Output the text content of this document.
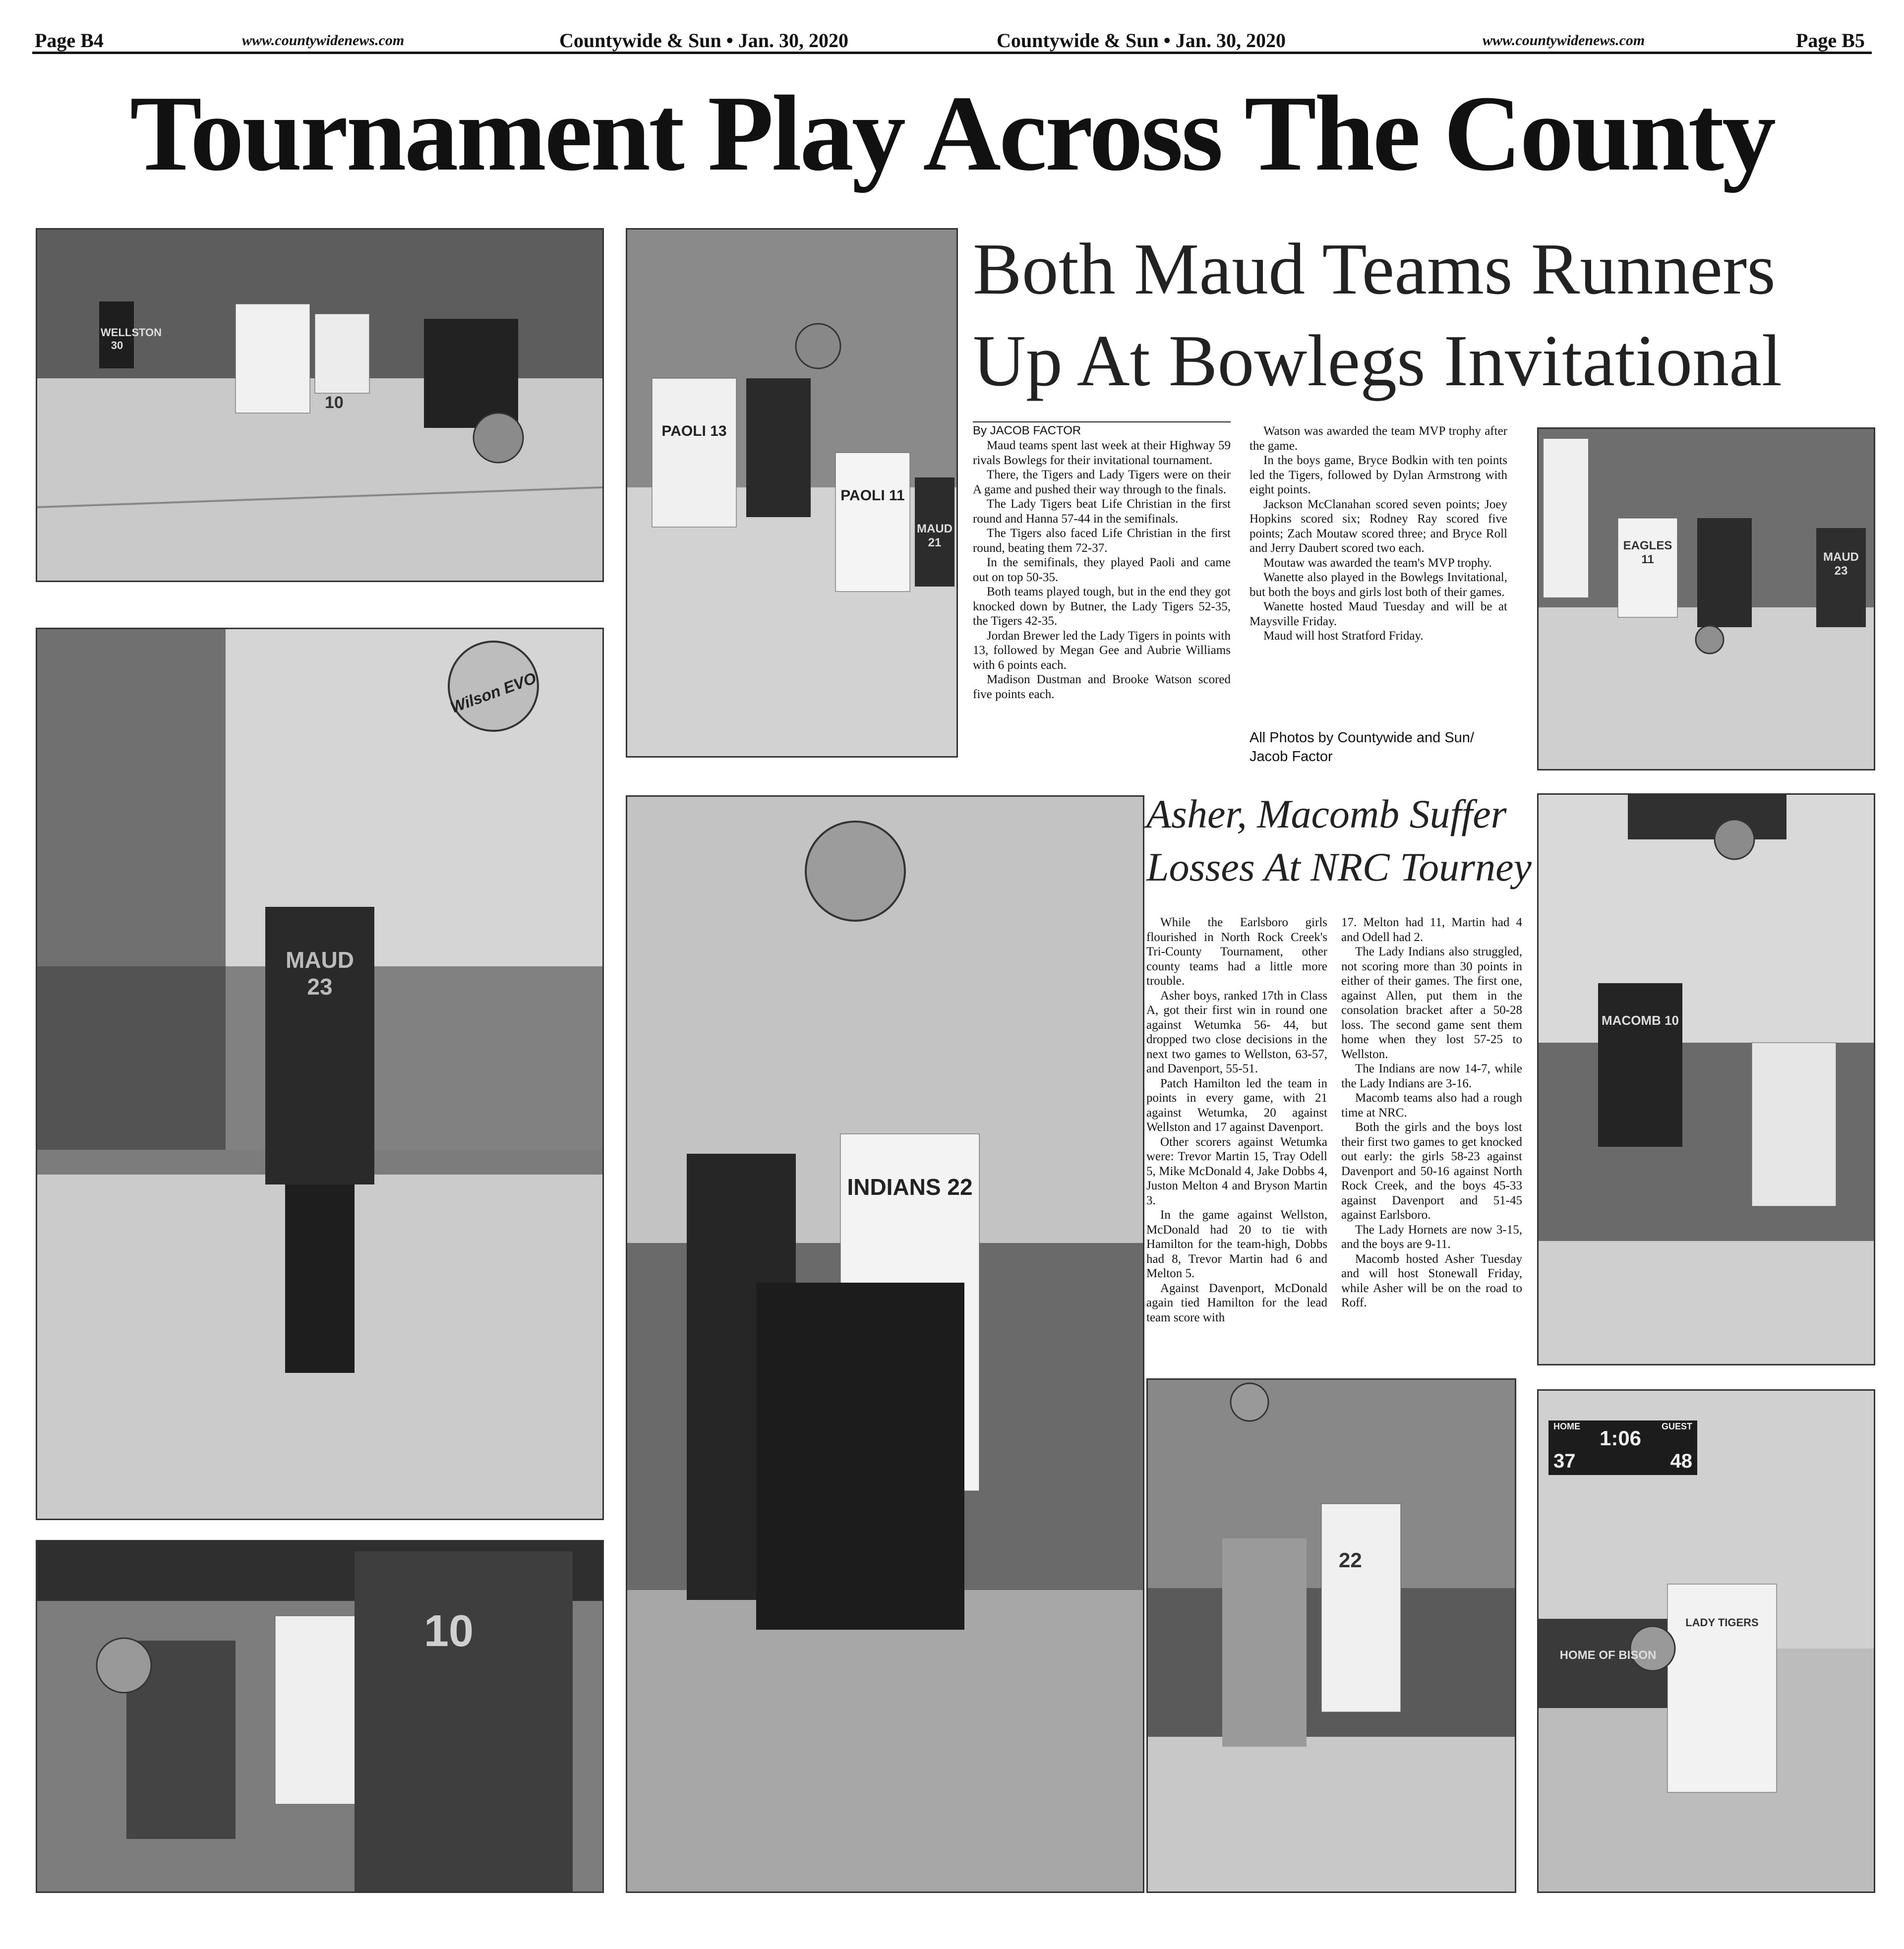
Page B4	www.countywidenews.com	Countywide & Sun • Jan. 30, 2020	Countywide & Sun • Jan. 30, 2020	www.countywidenews.com	Page B5
Tournament Play Across The County
WELLSTON 30
10
PAOLI 13
PAOLI 11
MAUD 21
Both Maud Teams Runners
Up At Bowlegs Invitational
By JACOB FACTOR

Maud teams spent last week at their Highway 59 rivals Bowlegs for their invitational tournament.

There, the Tigers and Lady Tigers were on their A game and pushed their way through to the finals.

The Lady Tigers beat Life Christian in the first round and Hanna 57-44 in the semifinals.

The Tigers also faced Life Christian in the first round, beating them 72-37.

In the semifinals, they played Paoli and came out on top 50-35.

Both teams played tough, but in the end they got knocked down by Butner, the Lady Tigers 52-35, the Tigers 42-35.

Jordan Brewer led the Lady Tigers in points with 13, followed by Megan Gee and Aubrie Williams with 6 points each.

Madison Dustman and Brooke Watson scored five points each.

Watson was awarded the team MVP trophy after the game.

In the boys game, Bryce Bodkin with ten points led the Tigers, followed by Dylan Armstrong with eight points.

Jackson McClanahan scored seven points; Joey Hopkins scored six; Rodney Ray scored five points; Zach Moutaw scored three; and Bryce Roll and Jerry Daubert scored two each.

Moutaw was awarded the team's MVP trophy.

Wanette also played in the Bowlegs Invitational, but both the boys and girls lost both of their games.

Wanette hosted Maud Tuesday and will be at Maysville Friday.

Maud will host Stratford Friday.

All Photos by Countywide and Sun/
Jacob Factor
EAGLES 11	MAUD 23
Wilson EVO
MAUD 23
INDIANS 22
Asher, Macomb Suffer
Losses At NRC Tourney

While the Earlsboro girls flourished in North Rock Creek's Tri-County Tournament, other county teams had a little more trouble.

Asher boys, ranked 17th in Class A, got their first win in round one against Wetumka 56- 44, but dropped two close decisions in the next two games to Wellston, 63-57, and Davenport, 55-51.

Patch Hamilton led the team in points in every game, with 21 against Wetumka, 20 against Wellston and 17 against Davenport.

Other scorers against Wetumka were: Trevor Martin 15, Tray Odell 5, Mike McDonald 4, Jake Dobbs 4, Juston Melton 4 and Bryson Martin 3.

In the game against Wellston, McDonald had 20 to tie with Hamilton for the team-high, Dobbs had 8, Trevor Martin had 6 and Melton 5.

Against Davenport, McDonald again tied Hamilton for the lead team score with

17. Melton had 11, Martin had 4 and Odell had 2.

The Lady Indians also struggled, not scoring more than 30 points in either of their games. The first one, against Allen, put them in the consolation bracket after a 50-28 loss. The second game sent them home when they lost 57-25 to Wellston.

The Indians are now 14-7, while the Lady Indians are 3-16.

Macomb teams also had a rough time at NRC.

Both the girls and the boys lost their first two games to get knocked out early: the girls 58-23 against Davenport and 50-16 against North Rock Creek, and the boys 45-33 against Davenport and 51-45 against Earlsboro.

The Lady Hornets are now 3-15, and the boys are 9-11.

Macomb hosted Asher Tuesday and will host Stonewall Friday, while Asher will be on the road to Roff.

MACOMB 10
10
22
HOME	GUEST
1:06
37	48
LADY TIGERS
HOME OF BISON
